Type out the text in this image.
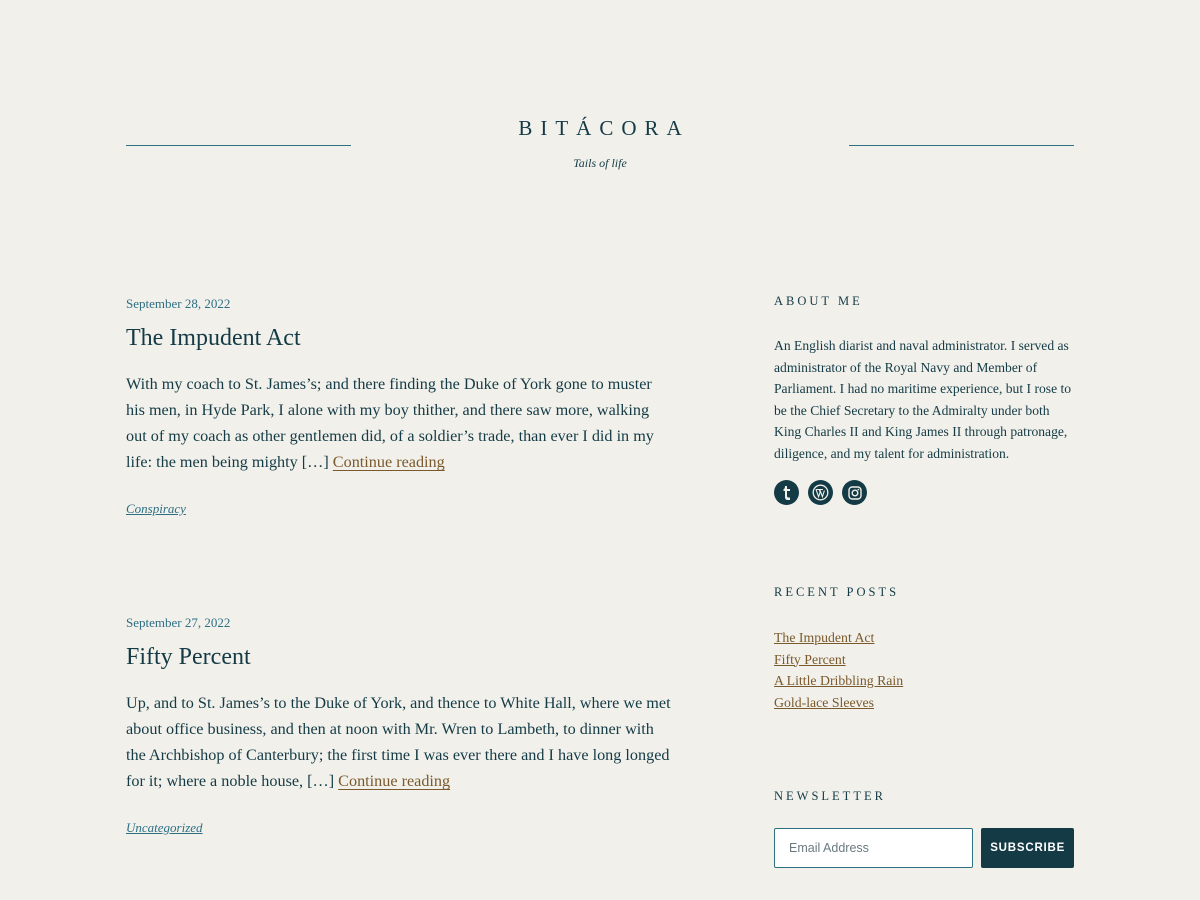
BITÁCORA
Tails of life

September 28, 2022

The Impudent Act

With my coach to St. James’s; and there finding the Duke of York gone to muster his men, in Hyde Park, I alone with my boy thither, and there saw more, walking out of my coach as other gentlemen did, of a soldier’s trade, than ever I did in my life: the men being mighty […] Continue reading

Conspiracy

September 27, 2022

Fifty Percent

Up, and to St. James’s to the Duke of York, and thence to White Hall, where we met about office business, and then at noon with Mr. Wren to Lambeth, to dinner with the Archbishop of Canterbury; the first time I was ever there and I have long longed for it; where a noble house, […] Continue reading

Uncategorized
ABOUT ME

An English diarist and naval administrator. I served as administrator of the Royal Navy and Member of Parliament. I had no maritime experience, but I rose to be the Chief Secretary to the Admiralty under both King Charles II and King James II through patronage, diligence, and my talent for administration.

RECENT POSTS
The Impudent Act
Fifty Percent
A Little Dribbling Rain
Gold-lace Sleeves
NEWSLETTER
Email Address
SUBSCRIBE
